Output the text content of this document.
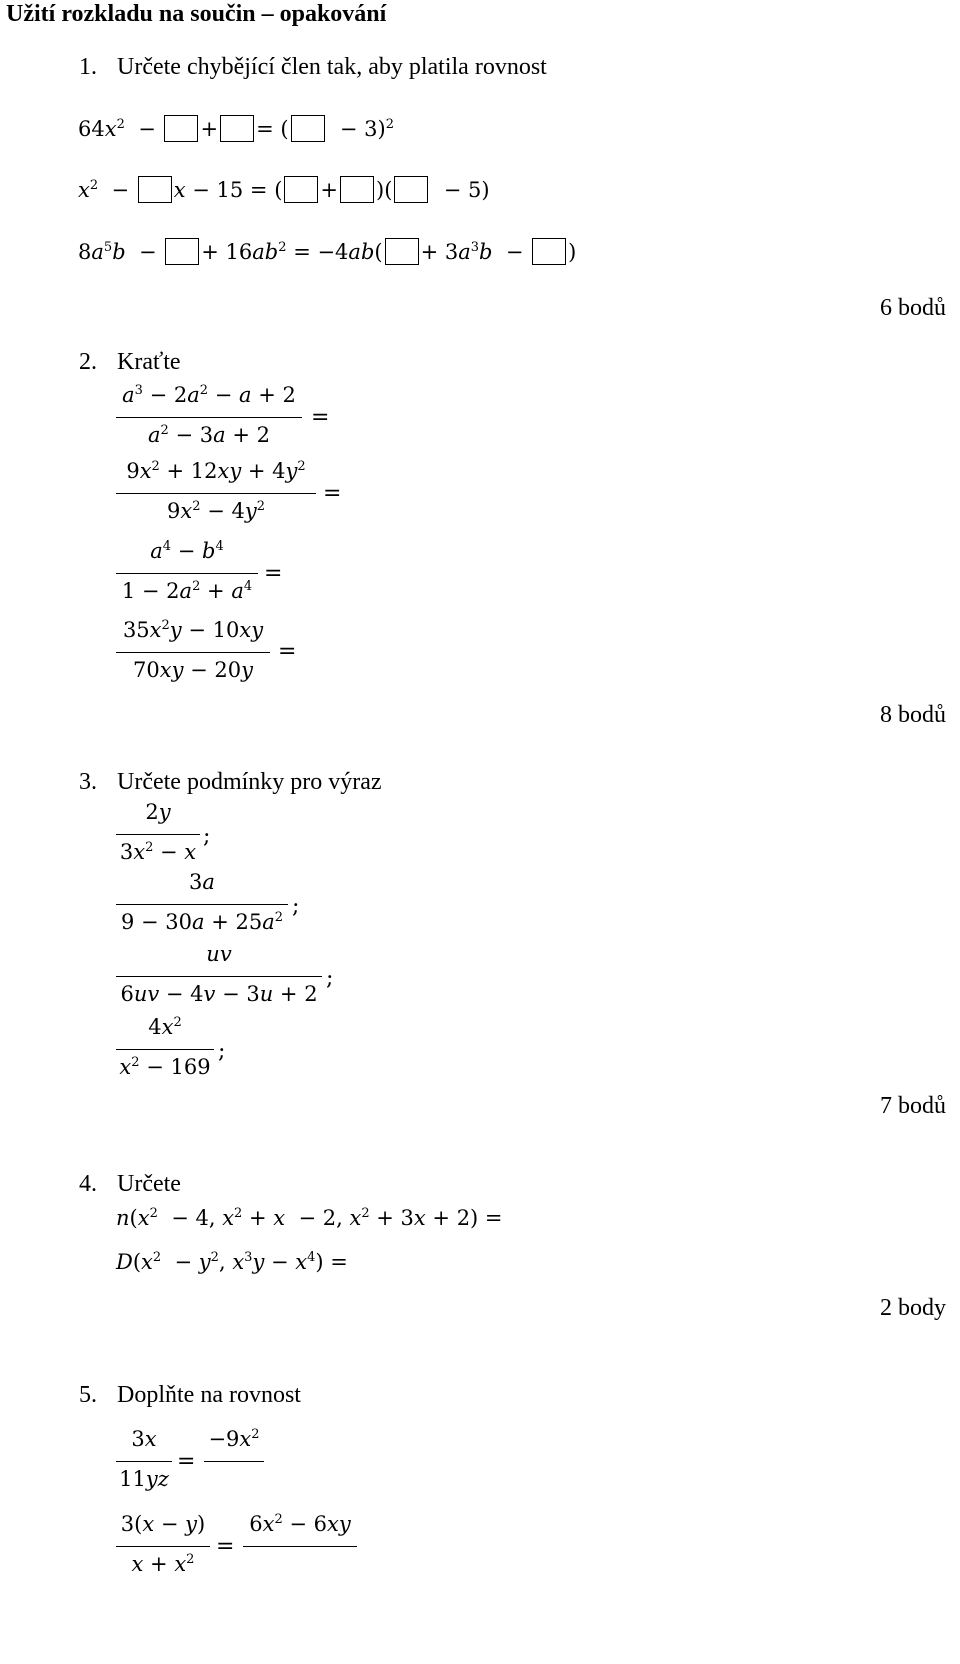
Užití rozkladu na součin – opakování
1. Určete chybějící člen tak, aby platila rovnost
$64x^2$  − + = (  − 3)$^2$
$x^2 - x - 15$ = ( + )(  − 5)
$8a^5b$  − + $16ab^2 = -4ab( + 3a^3b$  − )
6 bodů
2. Kraťte
$a^3 - 2a^2 - a + 2$
$a^2 - 3a + 2$
=
$9x^2 + 12xy + 4y^2$
$9x^2 - 4y^2$
=
$a^4 - b^4$
$1 - 2a^2 + a^4$
=
$35x^2y - 10xy$
70xy − 20y
=
8 bodů
3. Určete podmínky pro výraz
2y
$3x^2 - x$
;
3a
$9 - 30a + 25a^2$ ;
uv
6uv − 4v − 3u + 2
;
$4x^2$
$x^2 - 169$
;
7 bodů
4. Určete
$n(x^2 - 4$, $x^2 + x - 2$, $x^2 + 3x + 2$) =
$D(x^2 - y^2$, $x^3y - x^4$) =
2 body
5. Doplňte na rovnost
3x
11yz
=
$-9x^2$
3(x − y)
$x + x^2$
=
$6x^2 - 6xy$
